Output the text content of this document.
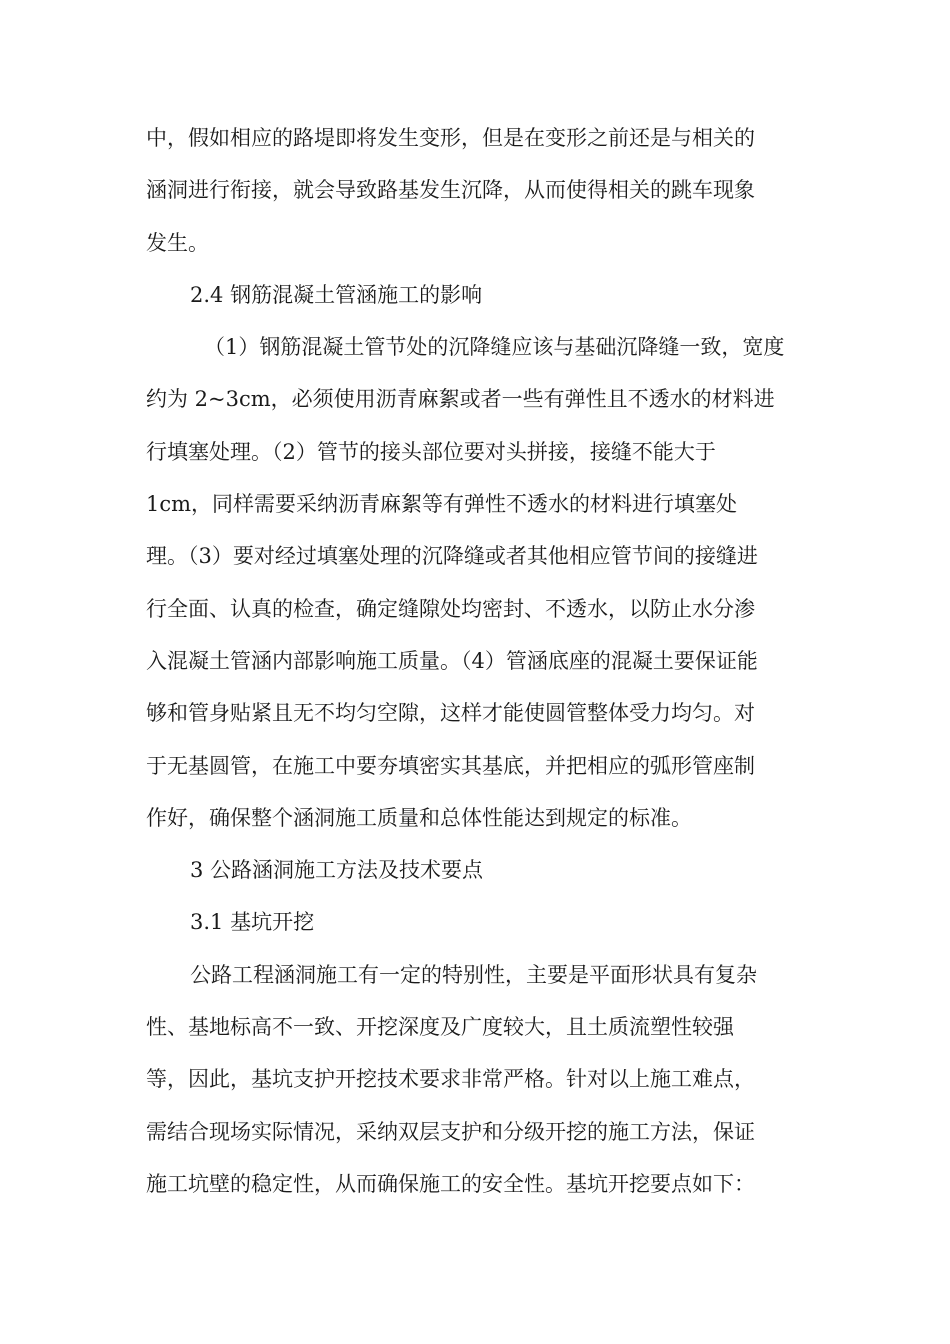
中，假如相应的路堤即将发生变形，但是在变形之前还是与相关的
涵洞进行衔接，就会导致路基发生沉降，从而使得相关的跳车现象
发生。
2.4 钢筋混凝土管涵施工的影响
（1）钢筋混凝土管节处的沉降缝应该与基础沉降缝一致，宽度
约为 2~3cm，必须使用沥青麻絮或者一些有弹性且不透水的材料进
行填塞处理。（2）管节的接头部位要对头拼接，接缝不能大于
1cm，同样需要采纳沥青麻絮等有弹性不透水的材料进行填塞处
理。（3）要对经过填塞处理的沉降缝或者其他相应管节间的接缝进
行全面、认真的检查，确定缝隙处均密封、不透水，以防止水分渗
入混凝土管涵内部影响施工质量。（4）管涵底座的混凝土要保证能
够和管身贴紧且无不均匀空隙，这样才能使圆管整体受力均匀。对
于无基圆管，在施工中要夯填密实其基底，并把相应的弧形管座制
作好，确保整个涵洞施工质量和总体性能达到规定的标准。
3 公路涵洞施工方法及技术要点
3.1 基坑开挖
公路工程涵洞施工有一定的特别性，主要是平面形状具有复杂
性、基地标高不一致、开挖深度及广度较大，且土质流塑性较强
等，因此，基坑支护开挖技术要求非常严格。针对以上施工难点，
需结合现场实际情况，采纳双层支护和分级开挖的施工方法，保证
施工坑壁的稳定性，从而确保施工的安全性。基坑开挖要点如下：
